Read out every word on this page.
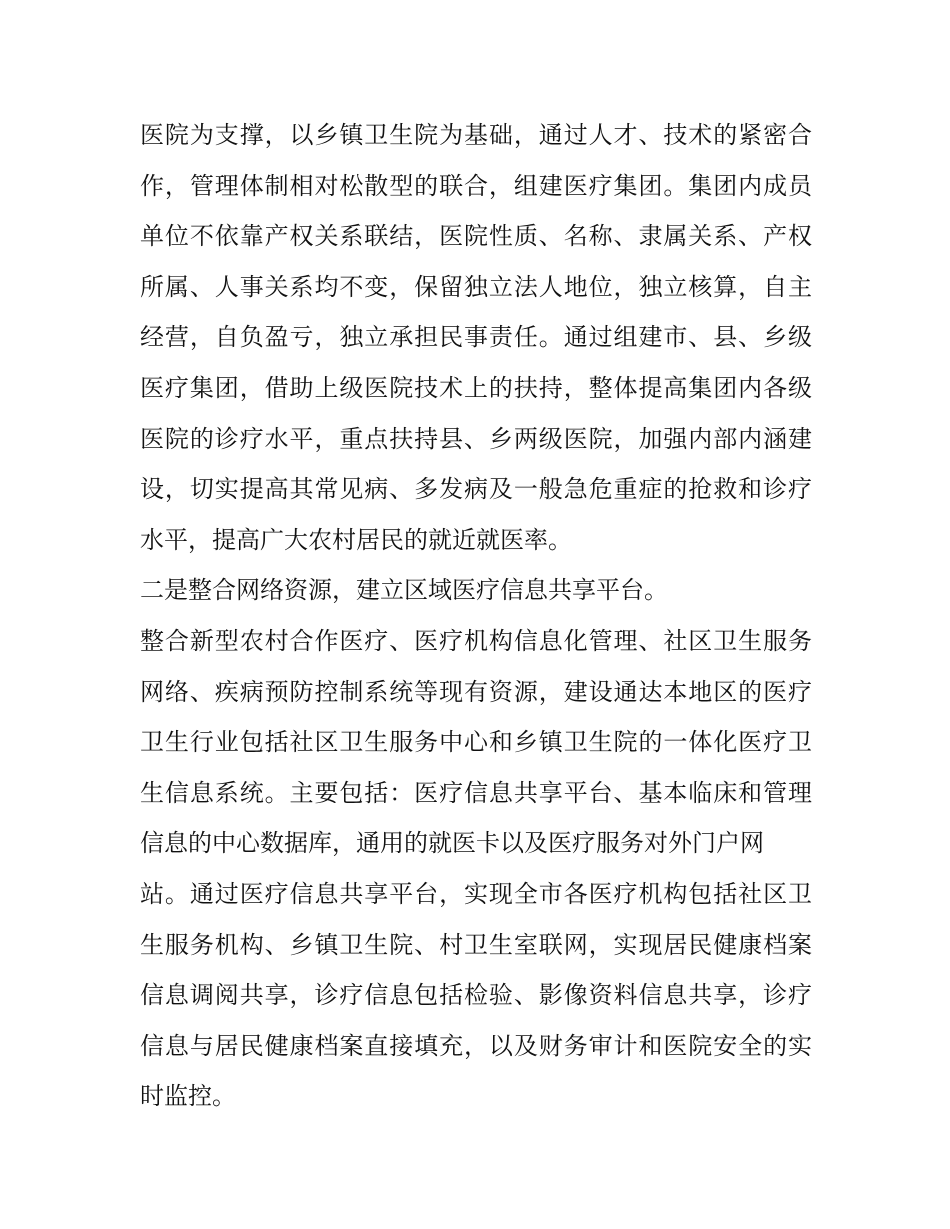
医院为支撑，以乡镇卫生院为基础，通过人才、技术的紧密合
作，管理体制相对松散型的联合，组建医疗集团。集团内成员
单位不依靠产权关系联结，医院性质、名称、隶属关系、产权
所属、人事关系均不变，保留独立法人地位，独立核算，自主
经营，自负盈亏，独立承担民事责任。通过组建市、县、乡级
医疗集团，借助上级医院技术上的扶持，整体提高集团内各级
医院的诊疗水平，重点扶持县、乡两级医院，加强内部内涵建
设，切实提高其常见病、多发病及一般急危重症的抢救和诊疗
水平，提高广大农村居民的就近就医率。
二是整合网络资源，建立区域医疗信息共享平台。
整合新型农村合作医疗、医疗机构信息化管理、社区卫生服务
网络、疾病预防控制系统等现有资源，建设通达本地区的医疗
卫生行业包括社区卫生服务中心和乡镇卫生院的一体化医疗卫
生信息系统。主要包括：医疗信息共享平台、基本临床和管理
信息的中心数据库，通用的就医卡以及医疗服务对外门户网
站。通过医疗信息共享平台，实现全市各医疗机构包括社区卫
生服务机构、乡镇卫生院、村卫生室联网，实现居民健康档案
信息调阅共享，诊疗信息包括检验、影像资料信息共享，诊疗
信息与居民健康档案直接填充，以及财务审计和医院安全的实
时监控。
